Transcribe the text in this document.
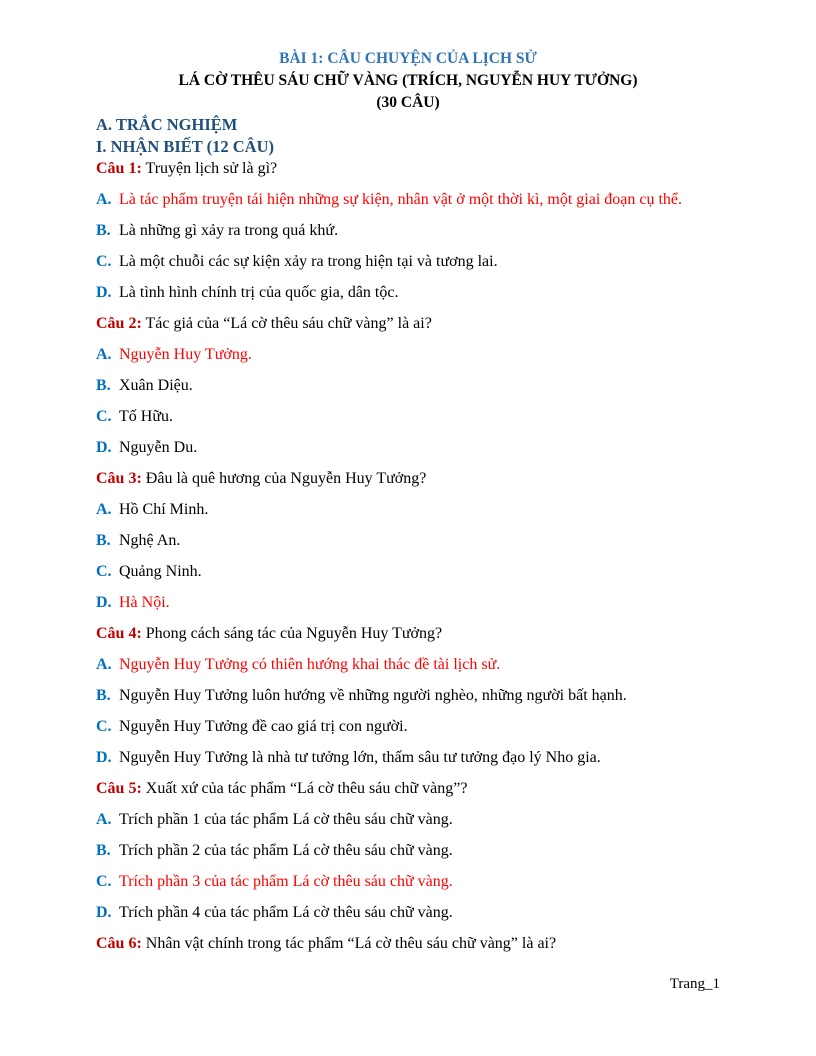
BÀI 1: CÂU CHUYỆN CỦA LỊCH SỬ

LÁ CỜ THÊU SÁU CHỮ VÀNG (TRÍCH, NGUYỄN HUY TƯỞNG)

(30 CÂU)

A. TRẮC NGHIỆM

I. NHẬN BIẾT (12 CÂU)

Câu 1: Truyện lịch sử là gì?

A. Là tác phẩm truyện tái hiện những sự kiện, nhân vật ở một thời kì, một giai đoạn cụ thể.

B. Là những gì xảy ra trong quá khứ.

C. Là một chuỗi các sự kiện xảy ra trong hiện tại và tương lai.

D. Là tình hình chính trị của quốc gia, dân tộc.

Câu 2: Tác giả của “Lá cờ thêu sáu chữ vàng” là ai?

A. Nguyễn Huy Tưởng.

B. Xuân Diệu.

C. Tố Hữu.

D. Nguyễn Du.

Câu 3: Đâu là quê hương của Nguyễn Huy Tưởng?

A. Hồ Chí Minh.

B. Nghệ An.

C. Quảng Ninh.

D. Hà Nội.

Câu 4: Phong cách sáng tác của Nguyễn Huy Tưởng?

A. Nguyễn Huy Tưởng có thiên hướng khai thác đề tài lịch sử.

B. Nguyễn Huy Tưởng luôn hướng về những người nghèo, những người bất hạnh.

C. Nguyễn Huy Tưởng đề cao giá trị con người.

D. Nguyễn Huy Tưởng là nhà tư tưởng lớn, thấm sâu tư tưởng đạo lý Nho gia.

Câu 5: Xuất xứ của tác phẩm “Lá cờ thêu sáu chữ vàng”?

A. Trích phần 1 của tác phẩm Lá cờ thêu sáu chữ vàng.

B. Trích phần 2 của tác phẩm Lá cờ thêu sáu chữ vàng.

C. Trích phần 3 của tác phẩm Lá cờ thêu sáu chữ vàng.

D. Trích phần 4 của tác phẩm Lá cờ thêu sáu chữ vàng.

Câu 6: Nhân vật chính trong tác phẩm “Lá cờ thêu sáu chữ vàng” là ai?

Trang_1
